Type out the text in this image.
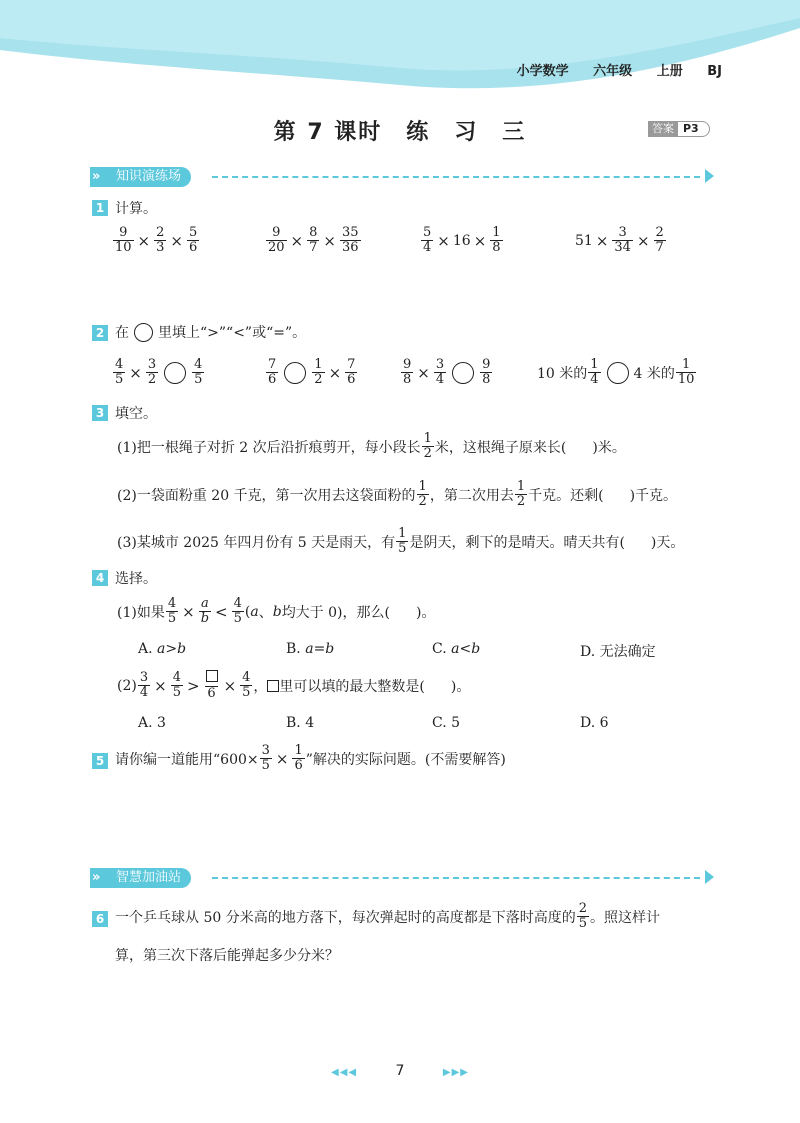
小学数学 六年级 上册 BJ
第 7 课时　练　习　三	答案 P3
» 知识演练场
1 计算。
$\frac{9}{10} \times \frac{2}{3} \times \frac{5}{6}$	$\frac{9}{20} \times \frac{8}{7} \times \frac{35}{36}$	$\frac{5}{4} \times 16 \times \frac{1}{8}$	$51 \times \frac{3}{34} \times \frac{2}{7}$
2 在 里填上“>”“<”或“=”。
$\frac{4}{5} \times \frac{3}{2}$	$\frac{4}{5}$	$\frac{7}{6}$	$\frac{1}{2} \times \frac{7}{6}$	$\frac{9}{8} \times \frac{3}{4}$	$\frac{9}{8}$	10 米的 $\frac{1}{4} 4$ 米的 $\frac{1}{10}$
3 填空。
(1)把一根绳子对折 2 次后沿折痕剪开，每小段长 $\frac{1}{2}$ 米，这根绳子原来长( )米。
(2)一袋面粉重 20 千克，第一次用去这袋面粉的 $\frac{1}{2}$ ，第二次用去 $\frac{1}{2}$ 千克。还剩( )千克。
(3)某城市 2025 年四月份有 5 天是雨天，有 $\frac{1}{5}$ 是阴天，剩下的是晴天。晴天共有( )天。
4 选择。
(1)如果 $\frac{4}{5} \times \frac{a}{b} < \frac{4}{5}$ ( a 、 b 均大于 0)，那么( )。
A. a>b	B. a=b	C. a<b	D. 无法确定
$(2) \frac{3}{4} \times \frac{4}{5} > 6 \times \frac{4}{5}$ ， 里可以填的最大整数是( )。
A. 3	B. 4	C. 5	D. 6
5 请你编一道能用“$600\times \frac{3}{5} \times \frac{1}{6}$ ”解决的实际问题。(不需要解答)
» 智慧加油站
6 一个乒乓球从 50 分米高的地方落下，每次弹起时的高度都是下落时高度的 $\frac{2}{5}$ 。照这样计
算，第三次下落后能弹起多少分米？
◀◀◀	7	▶▶▶
